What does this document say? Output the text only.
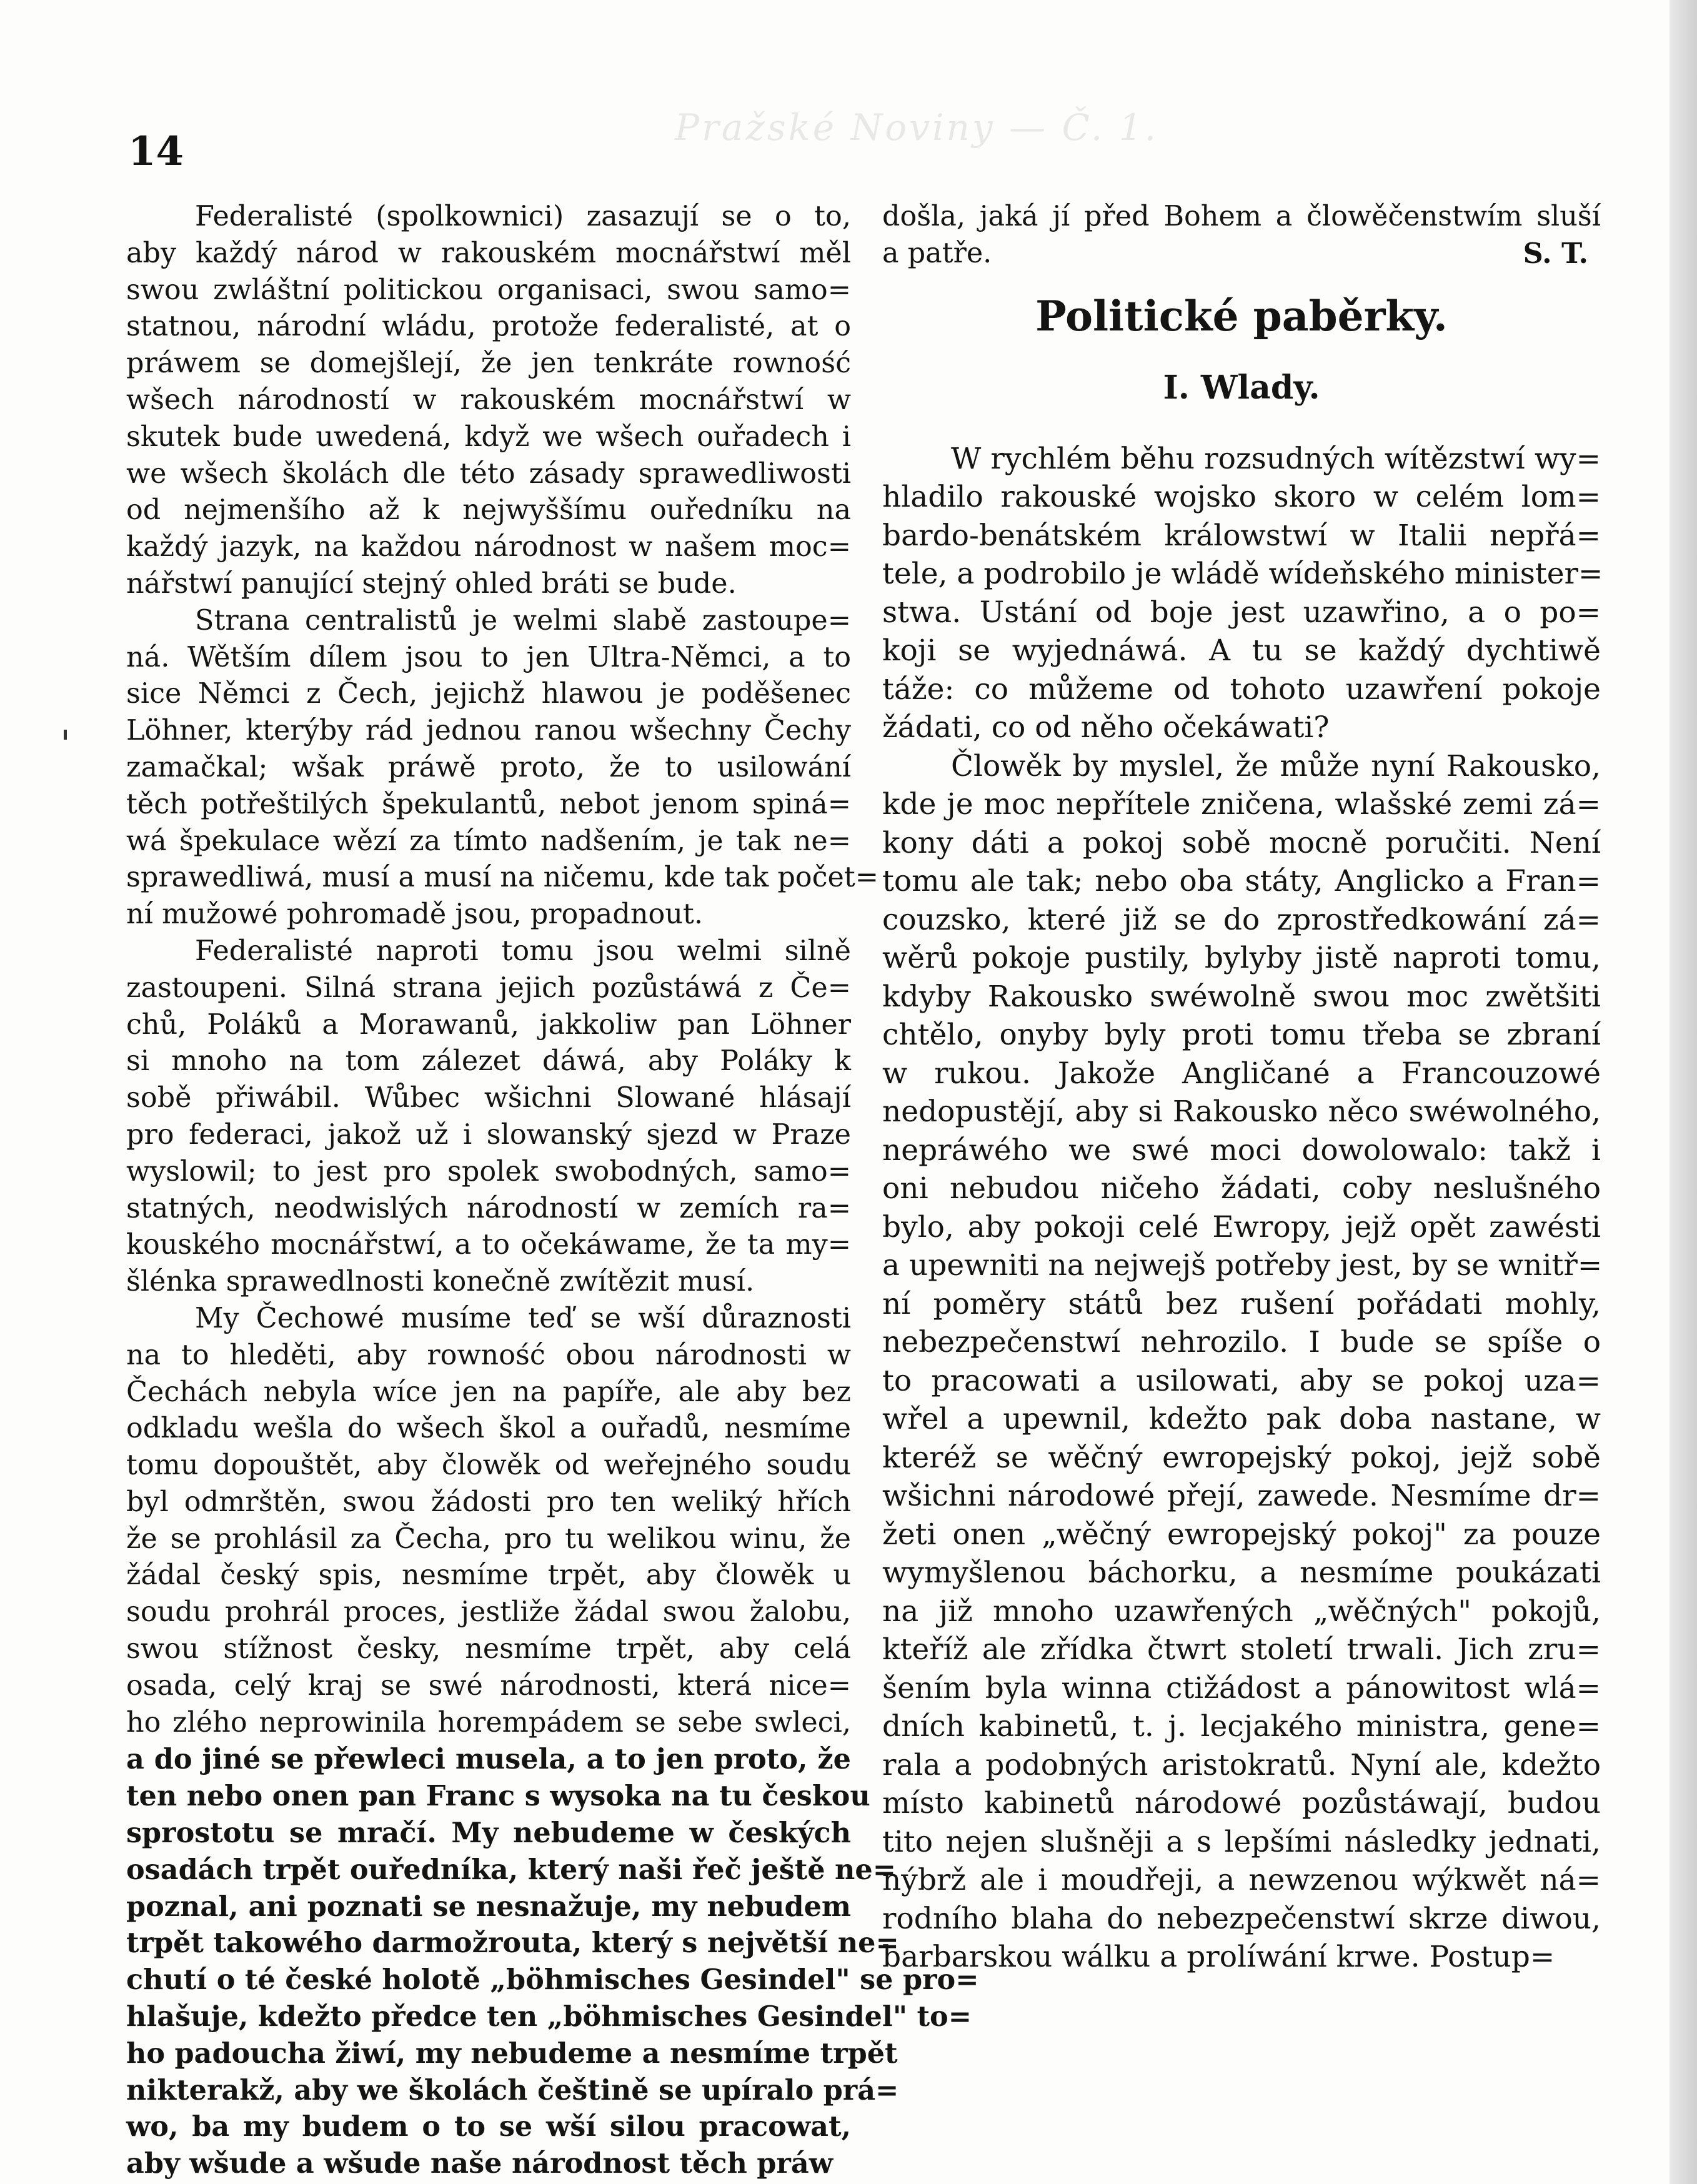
Pražské Noviny — Č. 1.
14
Federalisté (spolkownici) zasazují se o to,
aby každý národ w rakouském mocnářstwí měl
swou zwláštní politickou organisaci, swou samo=
statnou, národní wládu, protože federalisté, at o
práwem se domejšlejí, že jen tenkráte rowność
wšech národností w rakouském mocnářstwí w
skutek bude uwedená, když we wšech ouřadech i
we wšech školách dle této zásady sprawedliwosti
od nejmenšího až k nejwyššímu ouředníku na
každý jazyk, na každou národnost w našem moc=
nářstwí panující stejný ohled bráti se bude.
Strana centralistů je welmi slabě zastoupe=
ná. Wětším dílem jsou to jen Ultra-Němci, a to
sice Němci z Čech, jejichž hlawou je poděšenec
Löhner, kterýby rád jednou ranou wšechny Čechy
zamačkal; wšak práwě proto, že to usilowání
těch potřeštilých špekulantů, nebot jenom spiná=
wá špekulace wězí za tímto nadšením, je tak ne=
sprawedliwá, musí a musí na ničemu, kde tak počet=
ní mužowé pohromadě jsou, propadnout.
Federalisté naproti tomu jsou welmi silně
zastoupeni. Silná strana jejich pozůstáwá z Če=
chů, Poláků a Morawanů, jakkoliw pan Löhner
si mnoho na tom zálezet dáwá, aby Poláky k
sobě přiwábil. Wůbec wšichni Slowané hlásají
pro federaci, jakož už i slowanský sjezd w Praze
wyslowil; to jest pro spolek swobodných, samo=
statných, neodwislých národností w zemích ra=
kouského mocnářstwí, a to očekáwame, že ta my=
šlénka sprawedlnosti konečně zwítězit musí.
My Čechowé musíme teď se wší důraznosti
na to hleděti, aby rowność obou národnosti w
Čechách nebyla wíce jen na papíře, ale aby bez
odkladu wešla do wšech škol a ouřadů, nesmíme
tomu dopouštět, aby člowěk od weřejného soudu
byl odmrštěn, swou žádosti pro ten weliký hřích
že se prohlásil za Čecha, pro tu welikou winu, že
žádal český spis, nesmíme trpět, aby člowěk u
soudu prohrál proces, jestliže žádal swou žalobu,
swou stížnost česky, nesmíme trpět, aby celá
osada, celý kraj se swé národnosti, která nice=
ho zlého neprowinila horempádem se sebe swleci,
a do jiné se přewleci musela, a to jen proto, že
ten nebo onen pan Franc s wysoka na tu českou
sprostotu se mračí. My nebudeme w českých
osadách trpět ouředníka, který naši řeč ještě ne=
poznal, ani poznati se nesnažuje, my nebudem
trpět takowého darmožrouta, který s největší ne=
chutí o té české holotě „böhmisches Gesindel" se pro=
hlašuje, kdežto předce ten „böhmisches Gesindel" to=
ho padoucha žiwí, my nebudeme a nesmíme trpět
nikterakž, aby we školách češtině se upíralo prá=
wo, ba my budem o to se wší silou pracowat,
aby wšude a wšude naše národnost těch práw
došla, jaká jí před Bohem a člowěčenstwím sluší
a patře.	S. T.
Politické paběrky.
I. Wlady.
W rychlém běhu rozsudných wítězstwí wy=
hladilo rakouské wojsko skoro w celém lom=
bardo-benátském králowstwí w Italii nepřá=
tele, a podrobilo je wládě wídeňského minister=
stwa. Ustání od boje jest uzawřino, a o po=
koji se wyjednáwá. A tu se každý dychtiwě
táže: co můžeme od tohoto uzawření pokoje
žádati, co od něho očekáwati?
Člowěk by myslel, že může nyní Rakousko,
kde je moc nepřítele zničena, wlašské zemi zá=
kony dáti a pokoj sobě mocně poručiti. Není
tomu ale tak; nebo oba státy, Anglicko a Fran=
couzsko, které již se do zprostředkowání zá=
wěrů pokoje pustily, bylyby jistě naproti tomu,
kdyby Rakousko swéwolně swou moc zwětšiti
chtělo, onyby byly proti tomu třeba se zbraní
w rukou. Jakože Angličané a Francouzowé
nedopustějí, aby si Rakousko něco swéwolného,
nepráwého we swé moci dowolowalo: takž i
oni nebudou ničeho žádati, coby neslušného
bylo, aby pokoji celé Ewropy, jejž opět zawésti
a upewniti na nejwejš potřeby jest, by se wnitř=
ní poměry států bez rušení pořádati mohly,
nebezpečenstwí nehrozilo. I bude se spíše o
to pracowati a usilowati, aby se pokoj uza=
wřel a upewnil, kdežto pak doba nastane, w
kteréž se wěčný ewropejský pokoj, jejž sobě
wšichni národowé přejí, zawede. Nesmíme dr=
žeti onen „wěčný ewropejský pokoj" za pouze
wymyšlenou báchorku, a nesmíme poukázati
na již mnoho uzawřených „wěčných" pokojů,
kteříž ale zřídka čtwrt století trwali. Jich zru=
šením byla winna ctižádost a pánowitost wlá=
dních kabinetů, t. j. lecjakého ministra, gene=
rala a podobných aristokratů. Nyní ale, kdežto
místo kabinetů národowé pozůstáwají, budou
tito nejen slušněji a s lepšími následky jednati,
nýbrž ale i moudřeji, a newzenou wýkwět ná=
rodního blaha do nebezpečenstwí skrze diwou,
barbarskou wálku a prolíwání krwe. Postup=
